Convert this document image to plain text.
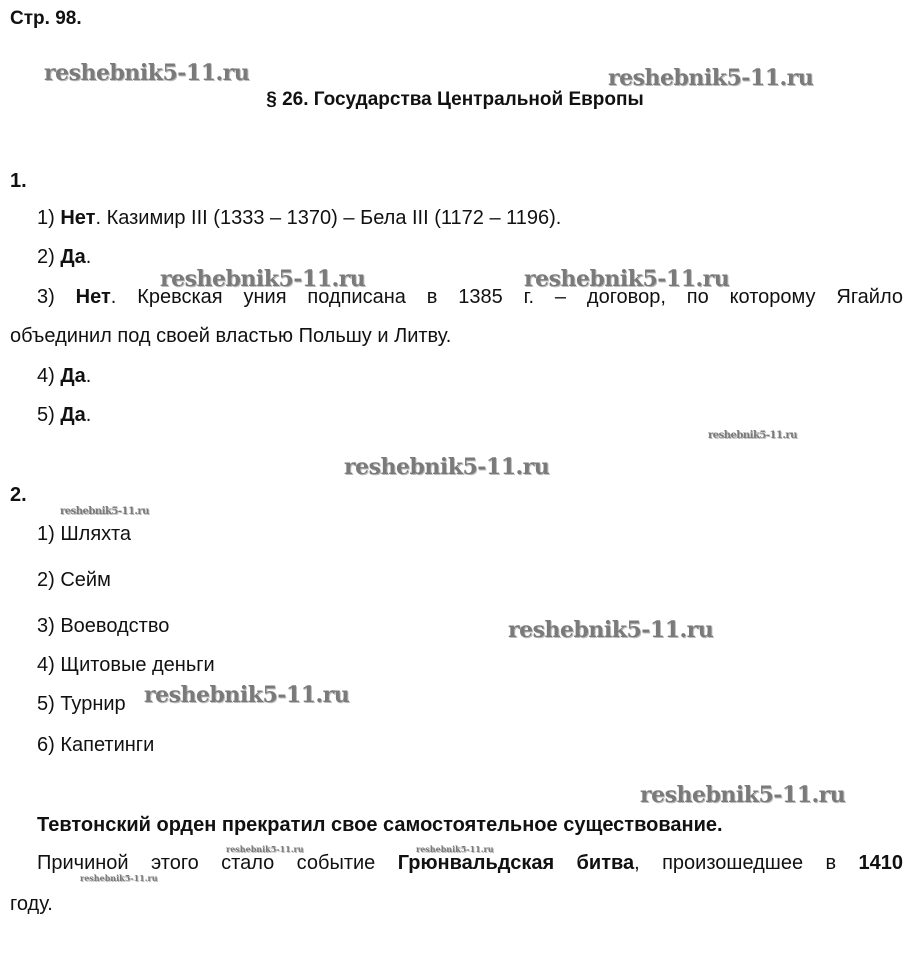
Стр. 98.
reshebnik5-11.ru	reshebnik5-11.ru
§ 26. Государства Центральной Европы
1.
1) Нет. Казимир III (1333 – 1370) – Бела III (1172 – 1196).
2) Да.
reshebnik5-11.ru	reshebnik5-11.ru
3) Нет. Кревская уния подписана в 1385 г. – договор, по которому Ягайло
объединил под своей властью Польшу и Литву.
4) Да.
5) Да.
reshebnik5-11.ru
reshebnik5-11.ru
2.
reshebnik5-11.ru
1) Шляхта
2) Сейм
3) Воеводство	reshebnik5-11.ru
4) Щитовые деньги
5) Турнир reshebnik5-11.ru
6) Капетинги
reshebnik5-11.ru
Тевтонский орден прекратил свое самостоятельное существование.
reshebnik5-11.ru	reshebnik5-11.ru
Причиной этого стало событие Грюнвальдская битва, произошедшее в 1410
reshebnik5-11.ru
году.
